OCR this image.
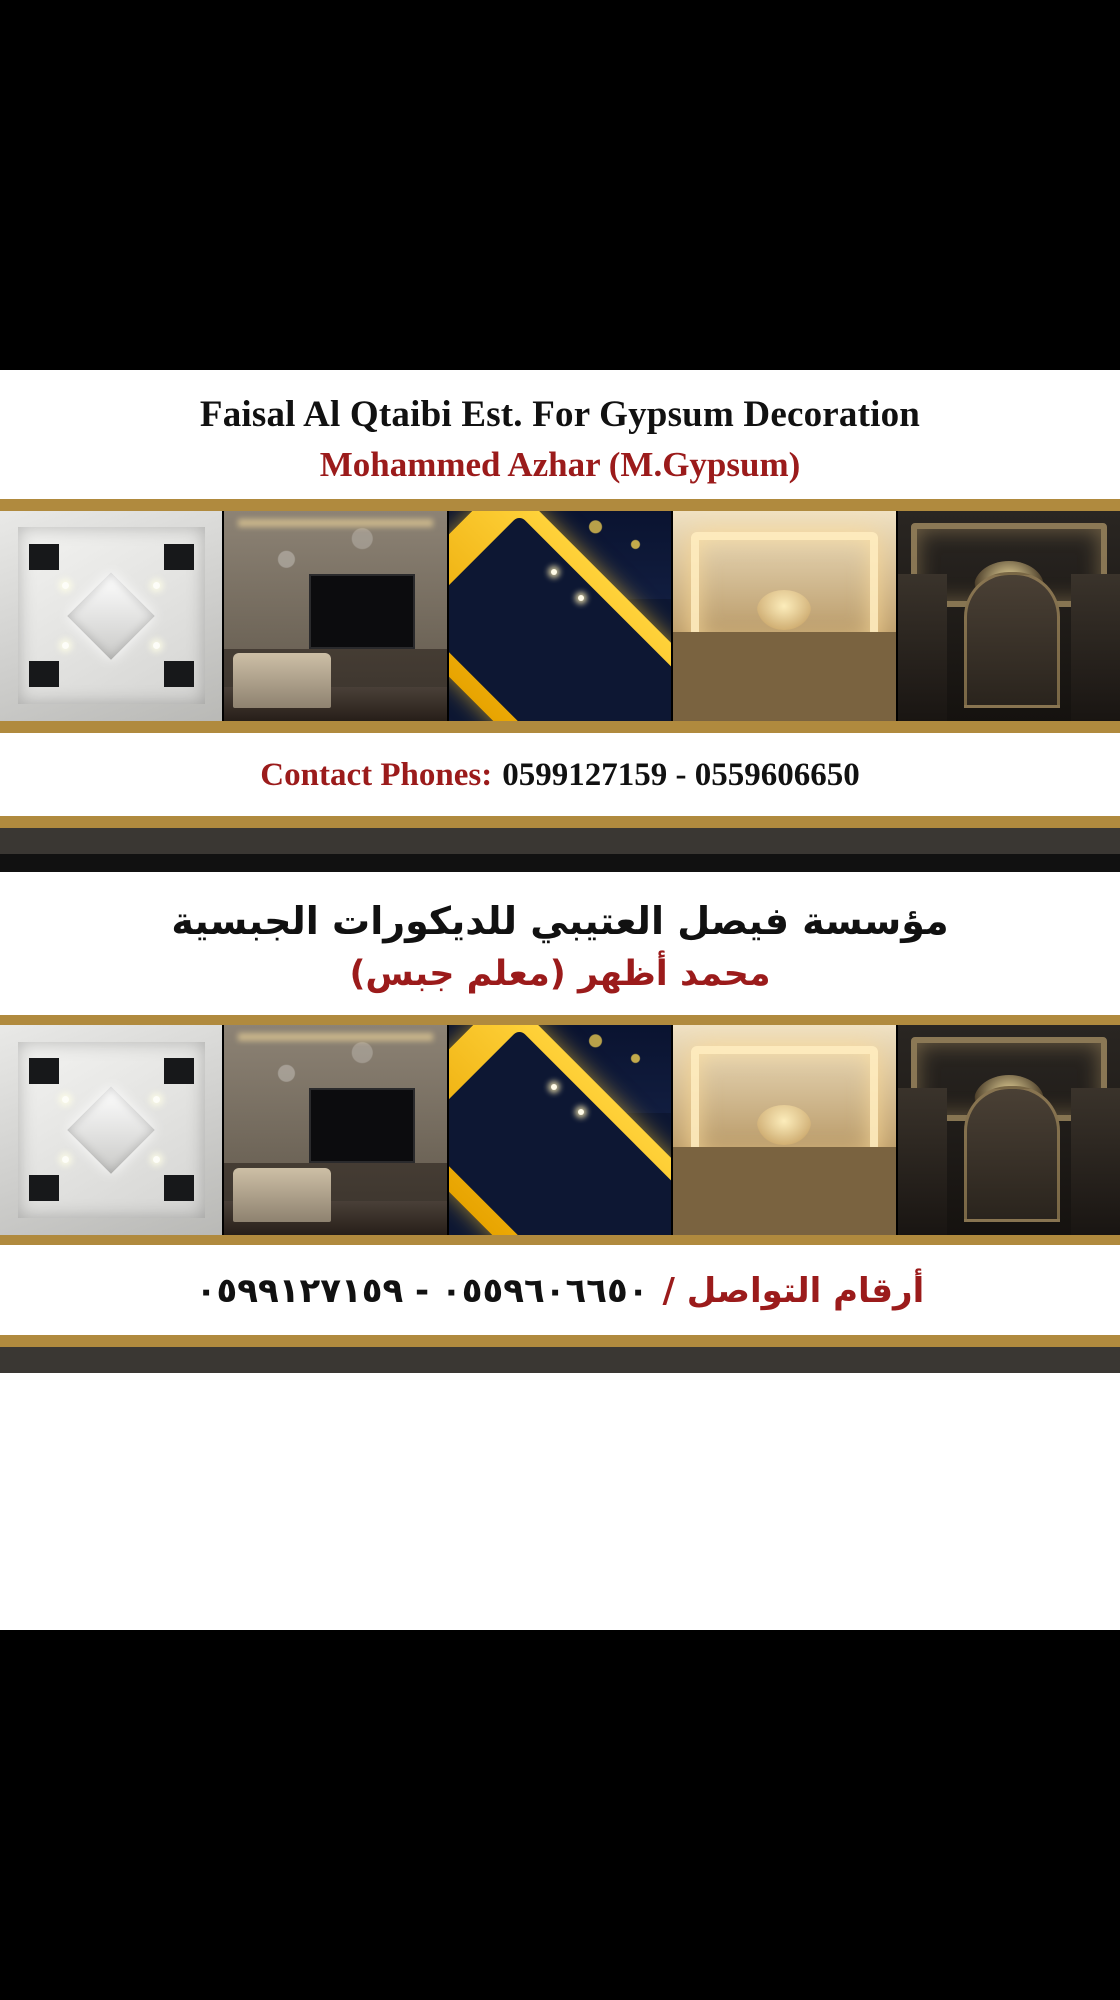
Faisal Al Qtaibi Est. For Gypsum Decoration
Mohammed Azhar (M.Gypsum)
Contact Phones: 0599127159 - 0559606650
مؤسسة فيصل العتيبي للديكورات الجبسية
محمد أظهر (معلم جبس)
أرقام التواصل / ٠٥٥٩٦٠٦٦٥٠ - ٠٥٩٩١٢٧١٥٩
